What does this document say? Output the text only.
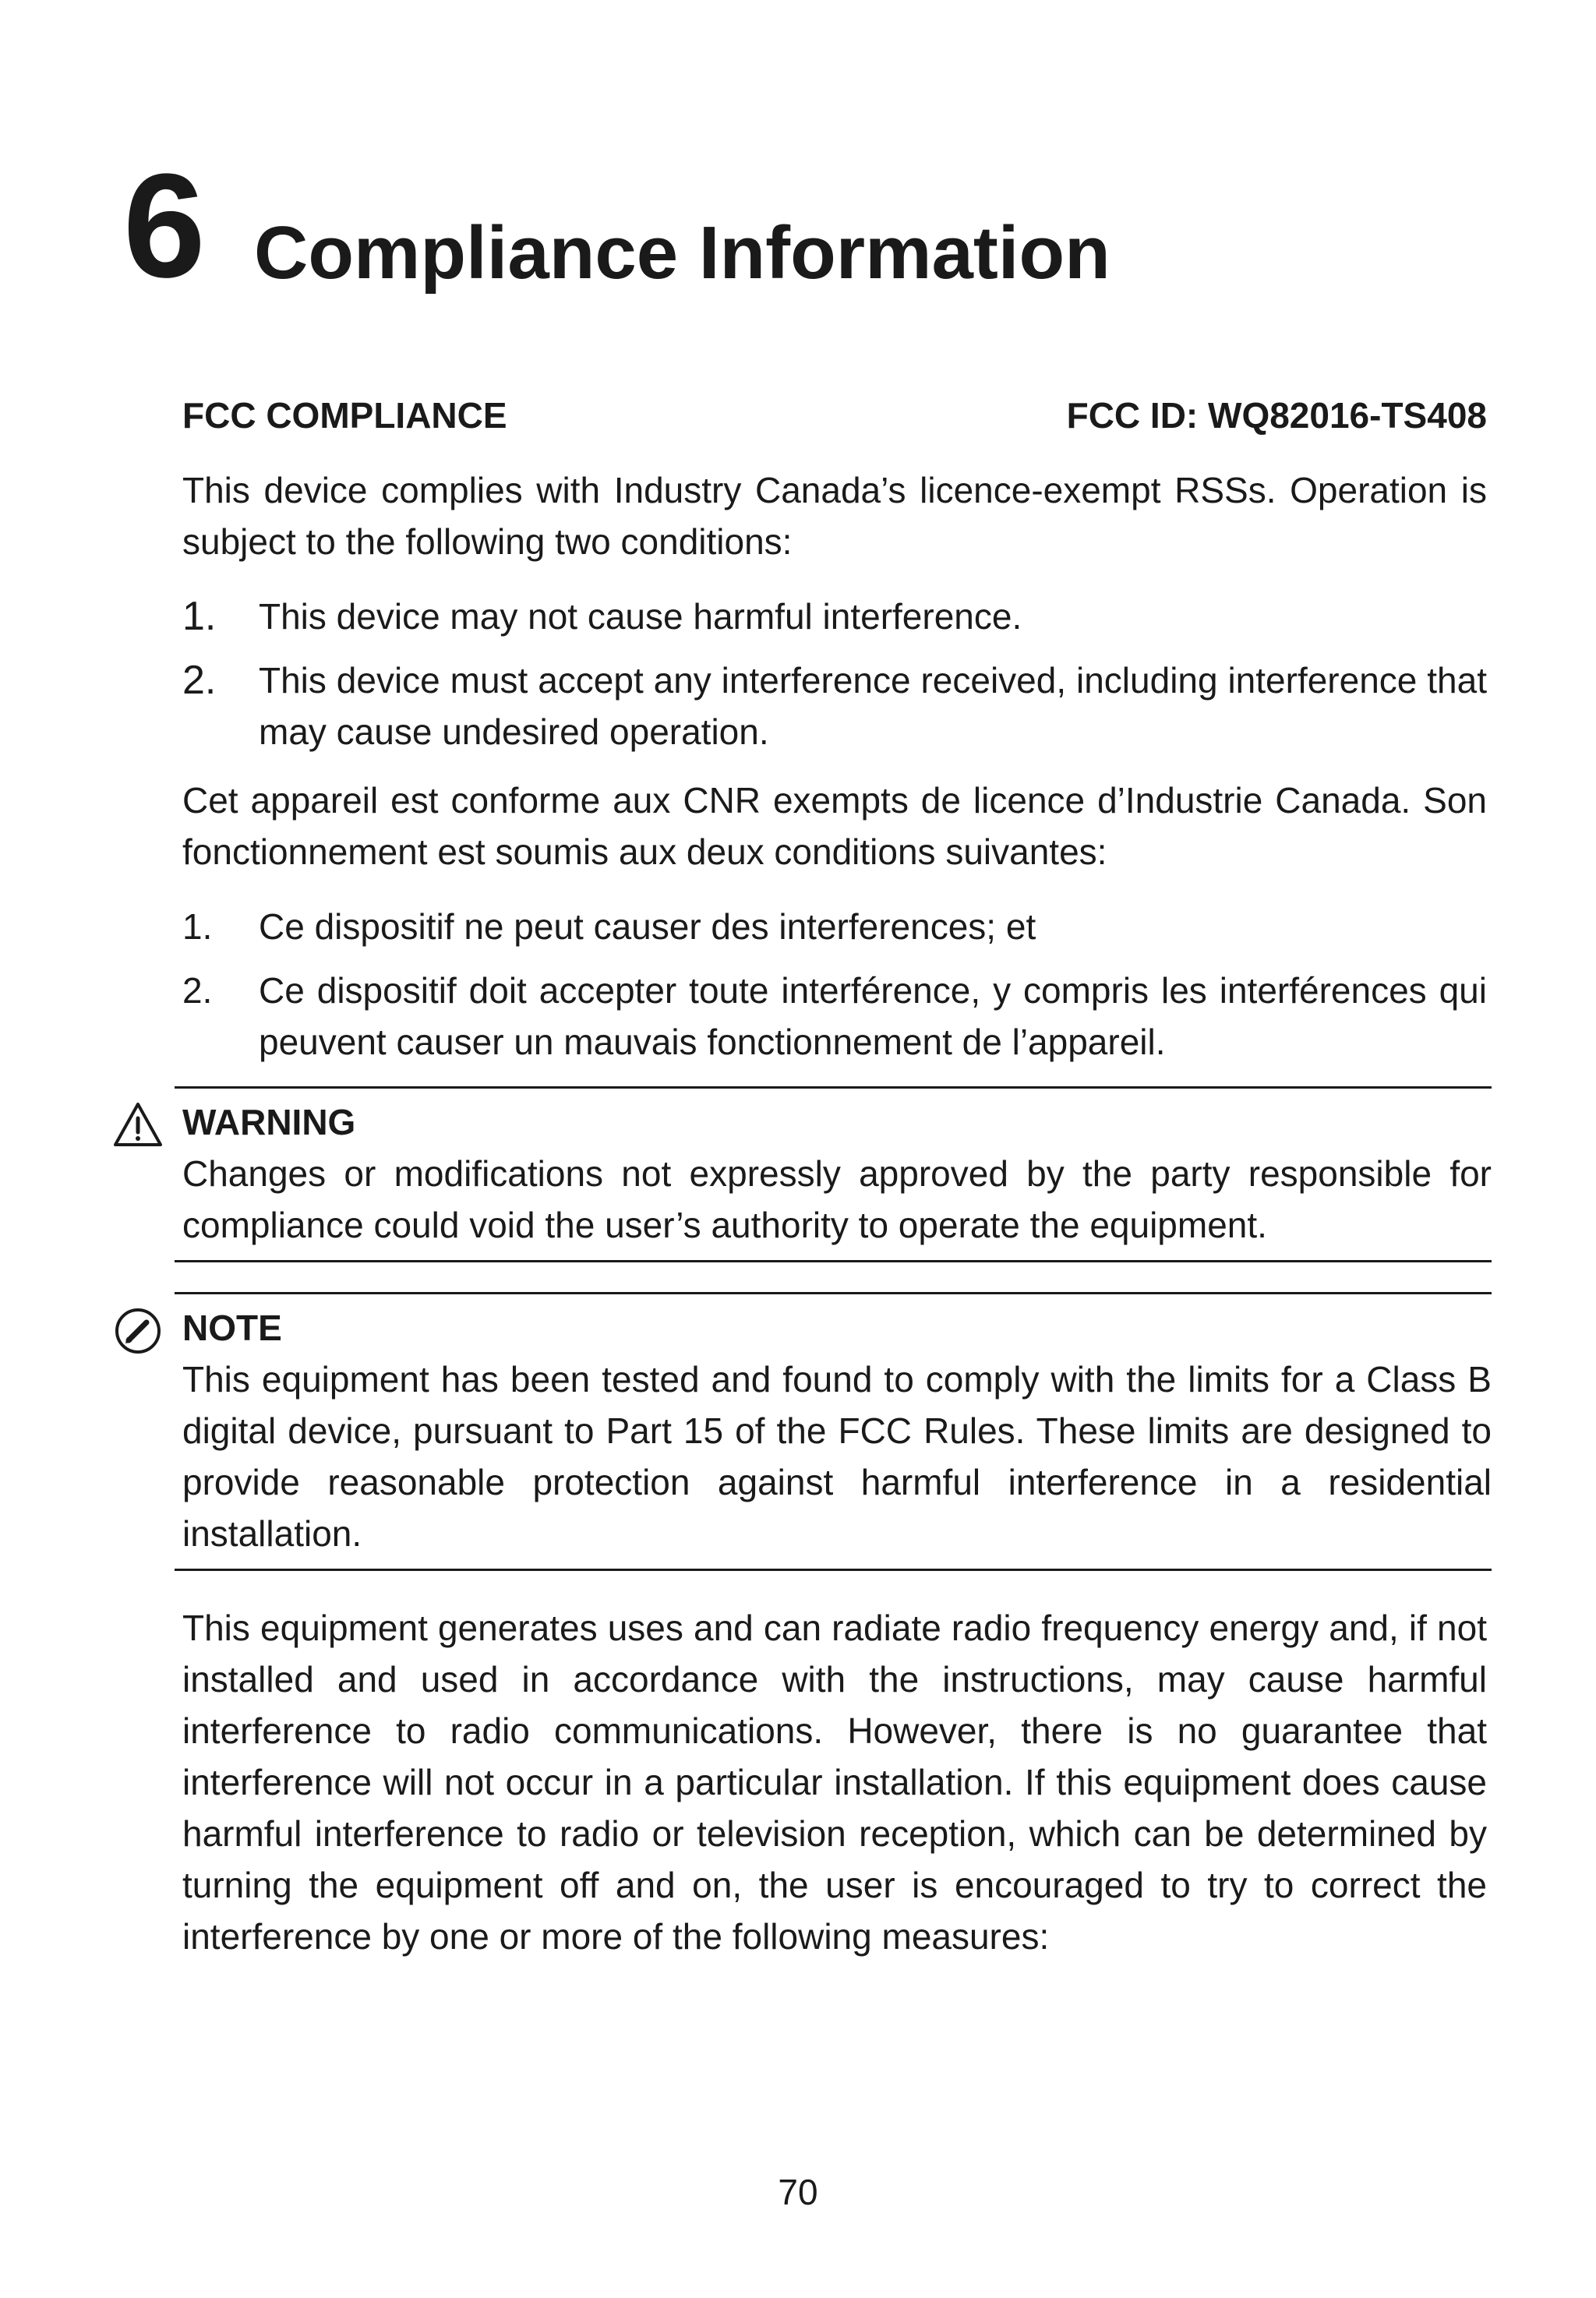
6 Compliance Information
FCC COMPLIANCE	FCC ID: WQ82016-TS408

This device complies with Industry Canada’s licence-exempt RSSs. Operation is subject to the following two conditions:

1. This device may not cause harmful interference.
2. This device must accept any interference received, including interference that may cause undesired operation.

Cet appareil est conforme aux CNR exempts de licence d’Industrie Canada. Son fonctionnement est soumis aux deux conditions suivantes:

1. Ce dispositif ne peut causer des interferences; et
2. Ce dispositif doit accepter toute interférence, y compris les interférences qui peuvent causer un mauvais fonctionnement de l’appareil.
WARNING

Changes or modifications not expressly approved by the party responsible for compliance could void the user’s authority to operate the equipment.

NOTE

This equipment has been tested and found to comply with the limits for a Class B digital device, pursuant to Part 15 of the FCC Rules. These limits are designed to provide reasonable protection against harmful interference in a residential installation.

This equipment generates uses and can radiate radio frequency energy and, if not installed and used in accordance with the instructions, may cause harmful interference to radio communications. However, there is no guarantee that interference will not occur in a particular installation. If this equipment does cause harmful interference to radio or television reception, which can be determined by turning the equipment off and on, the user is encouraged to try to correct the interference by one or more of the following measures:

70
